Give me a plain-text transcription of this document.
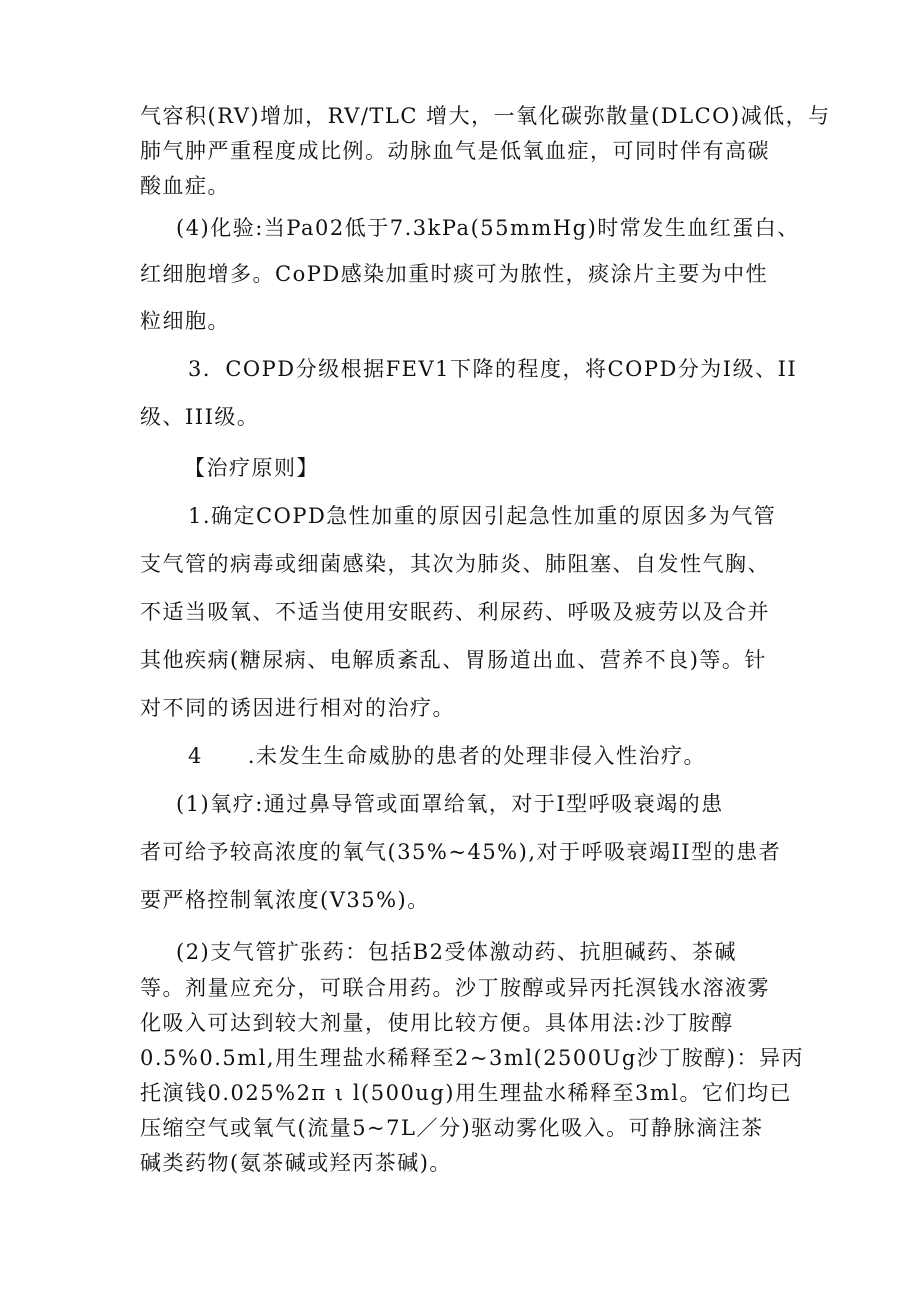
气容积(RV)增加，RV/TLC 增大，一氧化碳弥散量(DLCO)减低，与
肺气肿严重程度成比例。动脉血气是低氧血症，可同时伴有高碳
酸血症。
(4)化验:当Pa02低于7.3kPa(55mmHg)时常发生血红蛋白、
红细胞增多。CoPD感染加重时痰可为脓性，痰涂片主要为中性
粒细胞。
3．COPD分级根据FEV1下降的程度，将COPD分为I级、II
级、III级。
【治疗原则】
1.确定COPD急性加重的原因引起急性加重的原因多为气管
支气管的病毒或细菌感染，其次为肺炎、肺阻塞、自发性气胸、
不适当吸氧、不适当使用安眠药、利尿药、呼吸及疲劳以及合并
其他疾病(糖尿病、电解质紊乱、胃肠道出血、营养不良)等。针
对不同的诱因进行相对的治疗。
4　　.未发生生命威胁的患者的处理非侵入性治疗。
(1)氧疗:通过鼻导管或面罩给氧，对于I型呼吸衰竭的患
者可给予较高浓度的氧气(35%~45%),对于呼吸衰竭II型的患者
要严格控制氧浓度(V35%)。
(2)支气管扩张药：包括B2受体激动药、抗胆碱药、茶碱
等。剂量应充分，可联合用药。沙丁胺醇或异丙托溟钱水溶液雾
化吸入可达到较大剂量，使用比较方便。具体用法:沙丁胺醇
0.5%0.5ml,用生理盐水稀释至2~3ml(2500Ug沙丁胺醇)：异丙
托演钱0.025%2π ι l(500ug)用生理盐水稀释至3ml。它们均已
压缩空气或氧气(流量5~7L／分)驱动雾化吸入。可静脉滴注茶
碱类药物(氨茶碱或羟丙茶碱)。
